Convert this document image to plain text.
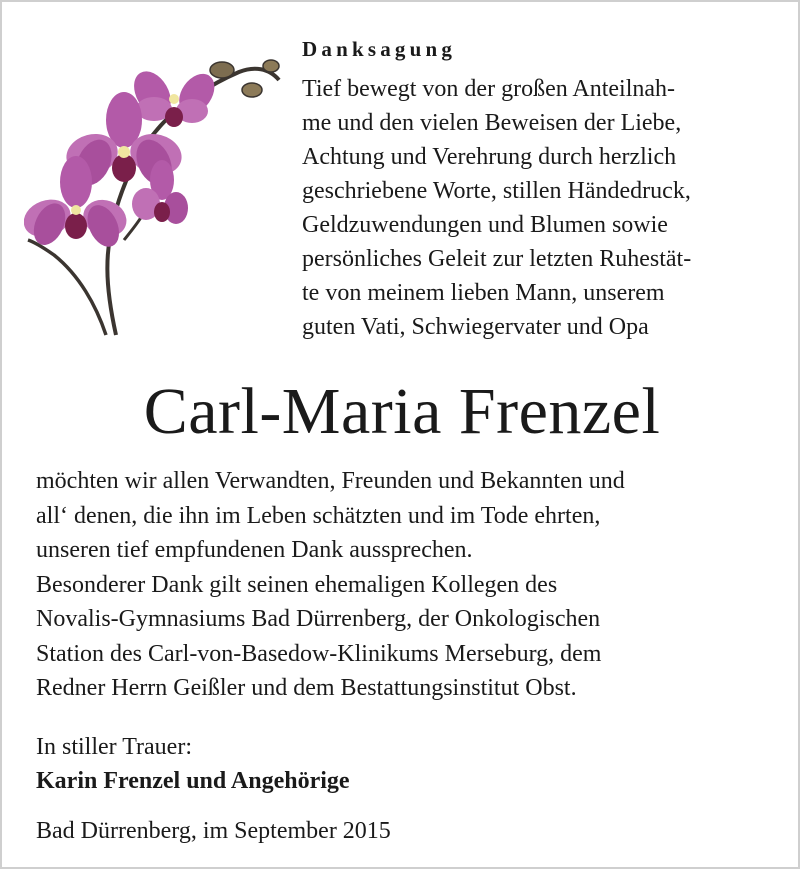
Danksagung
Tief bewegt von der großen Anteilnah-
me und den vielen Beweisen der Liebe,
Achtung und Verehrung durch herzlich
geschriebene Worte, stillen Händedruck,
Geldzuwendungen und Blumen sowie
persönliches Geleit zur letzten Ruhestät-
te von meinem lieben Mann, unserem
guten Vati, Schwiegervater und Opa
Carl-Maria Frenzel
möchten wir allen Verwandten, Freunden und Bekannten und
all‘ denen, die ihn im Leben schätzten und im Tode ehrten,
unseren tief empfundenen Dank aussprechen.
Besonderer Dank gilt seinen ehemaligen Kollegen des
Novalis-Gymnasiums Bad Dürrenberg, der Onkologischen
Station des Carl-von-Basedow-Klinikums Merseburg, dem
Redner Herrn Geißler und dem Bestattungsinstitut Obst.
In stiller Trauer:
Karin Frenzel und Angehörige
Bad Dürrenberg, im September 2015
